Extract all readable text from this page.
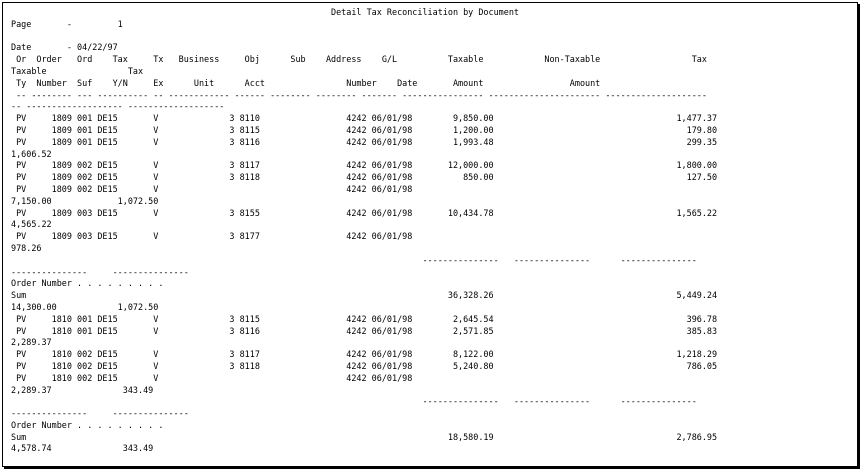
Detail Tax Reconciliation by Document
Page       -         1
Date       - 04/22/97
Or  Order   Ord    Tax     Tx   Business     Obj      Sub    Address    G/L          Taxable            Non-Taxable                  Tax
Taxable                Tax
Ty  Number  Suf    Y/N     Ex      Unit      Acct                Number    Date       Amount                 Amount
-- -------- --- ---------- -- ------------ ------ -------- -------- ------- ---------------- ---------------------- --------------------
-- ------------------- -------------------
PV     1809 001 DE15       V              3 8110                 4242 06/01/98        9,850.00                                    1,477.37
PV     1809 001 DE15       V              3 8115                 4242 06/01/98        1,200.00                                      179.80
PV     1809 001 DE15       V              3 8116                 4242 06/01/98        1,993.48                                      299.35
1,606.52
PV     1809 002 DE15       V              3 8117                 4242 06/01/98       12,000.00                                    1,800.00
PV     1809 002 DE15       V              3 8118                 4242 06/01/98          850.00                                      127.50
PV     1809 002 DE15       V                                     4242 06/01/98
7,150.00             1,072.50
PV     1809 003 DE15       V              3 8155                 4242 06/01/98       10,434.78                                    1,565.22
4,565.22
PV     1809 003 DE15       V              3 8177                 4242 06/01/98
978.26
---------------   ---------------      ---------------
---------------     ---------------
Order Number . . . . . . . . .
Sum                                                                                   36,328.26                                    5,449.24
14,300.00            1,072.50
PV     1810 001 DE15       V              3 8115                 4242 06/01/98        2,645.54                                      396.78
PV     1810 001 DE15       V              3 8116                 4242 06/01/98        2,571.85                                      385.83
2,289.37
PV     1810 002 DE15       V              3 8117                 4242 06/01/98        8,122.00                                    1,218.29
PV     1810 002 DE15       V              3 8118                 4242 06/01/98        5,240.80                                      786.05
PV     1810 002 DE15       V                                     4242 06/01/98
2,289.37              343.49
---------------   ---------------      ---------------
---------------     ---------------
Order Number . . . . . . . . .
Sum                                                                                   18,580.19                                    2,786.95
4,578.74              343.49
